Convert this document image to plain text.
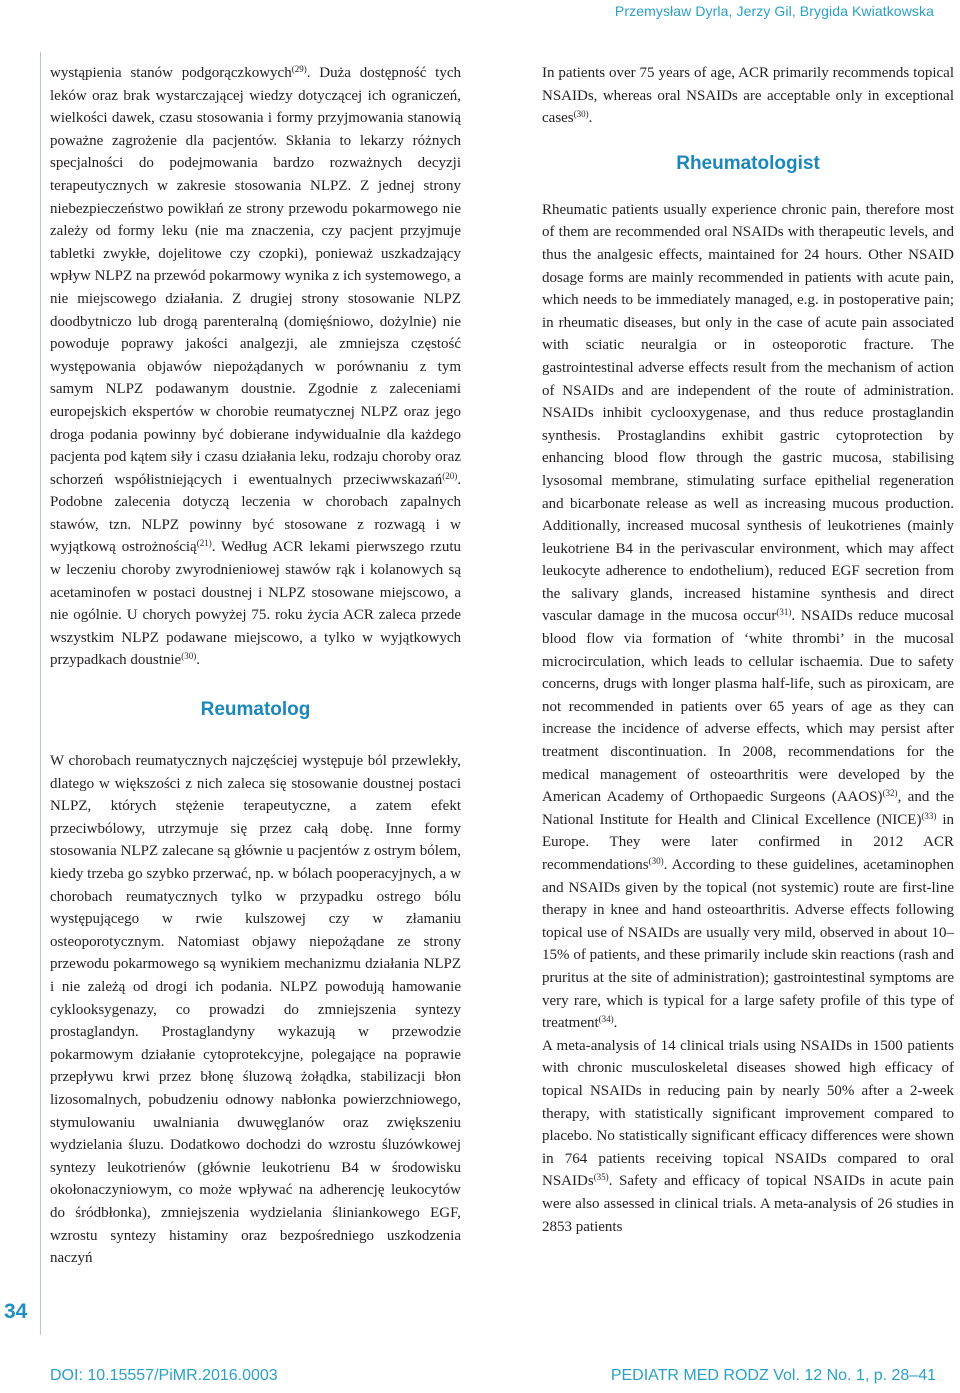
Przemysław Dyrla, Jerzy Gil, Brygida Kwiatkowska
34

wystąpienia stanów podgorączkowych$^{(29)}$. Duża dostępność tych leków oraz brak wystarczającej wiedzy dotyczącej ich ograniczeń, wielkości dawek, czasu stosowania i formy przyjmowania stanowią poważne zagrożenie dla pacjentów. Skłania to lekarzy różnych specjalności do podejmowania bardzo rozważnych decyzji terapeutycznych w zakresie stosowania NLPZ. Z jednej strony niebezpieczeństwo powikłań ze strony przewodu pokarmowego nie zależy od formy leku (nie ma znaczenia, czy pacjent przyjmuje tabletki zwykłe, dojelitowe czy czopki), ponieważ uszkadzający wpływ NLPZ na przewód pokarmowy wynika z ich systemowego, a nie miejscowego działania. Z drugiej strony stosowanie NLPZ doodbytniczo lub drogą parenteralną (domięśniowo, dożylnie) nie powoduje poprawy jakości analgezji, ale zmniejsza częstość występowania objawów niepożądanych w porównaniu z tym samym NLPZ podawanym doustnie. Zgodnie z zaleceniami europejskich ekspertów w chorobie reumatycznej NLPZ oraz jego droga podania powinny być dobierane indywidualnie dla każdego pacjenta pod kątem siły i czasu działania leku, rodzaju choroby oraz schorzeń współistniejących i ewentualnych przeciwwskazań$^{(20)}$. Podobne zalecenia dotyczą leczenia w chorobach zapalnych stawów, tzn. NLPZ powinny być stosowane z rozwagą i w wyjątkową ostrożnością$^{(21)}$. Według ACR lekami pierwszego rzutu w leczeniu choroby zwyrodnieniowej stawów rąk i kolanowych są acetaminofen w postaci doustnej i NLPZ stosowane miejscowo, a nie ogólnie. U chorych powyżej 75. roku życia ACR zaleca przede wszystkim NLPZ podawane miejscowo, a tylko w wyjątkowych przypadkach doustnie$^{(30)}$.

Reumatolog

W chorobach reumatycznych najczęściej występuje ból przewlekły, dlatego w większości z nich zaleca się stosowanie doustnej postaci NLPZ, których stężenie terapeutyczne, a zatem efekt przeciwbólowy, utrzymuje się przez całą dobę. Inne formy stosowania NLPZ zalecane są głównie u pacjentów z ostrym bólem, kiedy trzeba go szybko przerwać, np. w bólach pooperacyjnych, a w chorobach reumatycznych tylko w przypadku ostrego bólu występującego w rwie kulszowej czy w złamaniu osteoporotycznym. Natomiast objawy niepożądane ze strony przewodu pokarmowego są wynikiem mechanizmu działania NLPZ i nie zależą od drogi ich podania. NLPZ powodują hamowanie cyklooksygenazy, co prowadzi do zmniejszenia syntezy prostaglandyn. Prostaglandyny wykazują w przewodzie pokarmowym działanie cytoprotekcyjne, polegające na poprawie przepływu krwi przez błonę śluzową żołądka, stabilizacji błon lizosomalnych, pobudzeniu odnowy nabłonka powierzchniowego, stymulowaniu uwalniania dwuwęglanów oraz zwiększeniu wydzielania śluzu. Dodatkowo dochodzi do wzrostu śluzówkowej syntezy leukotrienów (głównie leukotrienu B4 w środowisku okołonaczyniowym, co może wpływać na adherencję leukocytów do śródbłonka), zmniejszenia wydzielania śliniankowego EGF, wzrostu syntezy histaminy oraz bezpośredniego uszkodzenia naczyń

In patients over 75 years of age, ACR primarily recommends topical NSAIDs, whereas oral NSAIDs are acceptable only in exceptional cases$^{(30)}$.

Rheumatologist

Rheumatic patients usually experience chronic pain, therefore most of them are recommended oral NSAIDs with therapeutic levels, and thus the analgesic effects, maintained for 24 hours. Other NSAID dosage forms are mainly recommended in patients with acute pain, which needs to be immediately managed, e.g. in postoperative pain; in rheumatic diseases, but only in the case of acute pain associated with sciatic neuralgia or in osteoporotic fracture. The gastrointestinal adverse effects result from the mechanism of action of NSAIDs and are independent of the route of administration. NSAIDs inhibit cyclooxygenase, and thus reduce prostaglandin synthesis. Prostaglandins exhibit gastric cytoprotection by enhancing blood flow through the gastric mucosa, stabilising lysosomal membrane, stimulating surface epithelial regeneration and bicarbonate release as well as increasing mucous production. Additionally, increased mucosal synthesis of leukotrienes (mainly leukotriene B4 in the perivascular environment, which may affect leukocyte adherence to endothelium), reduced EGF secretion from the salivary glands, increased histamine synthesis and direct vascular damage in the mucosa occur$^{(31)}$. NSAIDs reduce mucosal blood flow via formation of ‘white thrombi’ in the mucosal microcirculation, which leads to cellular ischaemia. Due to safety concerns, drugs with longer plasma half-life, such as piroxicam, are not recommended in patients over 65 years of age as they can increase the incidence of adverse effects, which may persist after treatment discontinuation. In 2008, recommendations for the medical management of osteoarthritis were developed by the American Academy of Orthopaedic Surgeons (AAOS)$^{(32)}$, and the National Institute for Health and Clinical Excellence (NICE)$^{(33)}$ in Europe. They were later confirmed in 2012 ACR recommendations$^{(30)}$. According to these guidelines, acetaminophen and NSAIDs given by the topical (not systemic) route are first-line therapy in knee and hand osteoarthritis. Adverse effects following topical use of NSAIDs are usually very mild, observed in about 10–15% of patients, and these primarily include skin reactions (rash and pruritus at the site of administration); gastrointestinal symptoms are very rare, which is typical for a large safety profile of this type of treatment$^{(34)}$.

A meta-analysis of 14 clinical trials using NSAIDs in 1500 patients with chronic musculoskeletal diseases showed high efficacy of topical NSAIDs in reducing pain by nearly 50% after a 2-week therapy, with statistically significant improvement compared to placebo. No statistically significant efficacy differences were shown in 764 patients receiving topical NSAIDs compared to oral NSAIDs$^{(35)}$. Safety and efficacy of topical NSAIDs in acute pain were also assessed in clinical trials. A meta-analysis of 26 studies in 2853 patients

DOI: 10.15557/PiMR.2016.0003	PEDIATR MED RODZ Vol. 12 No. 1, p. 28–41
